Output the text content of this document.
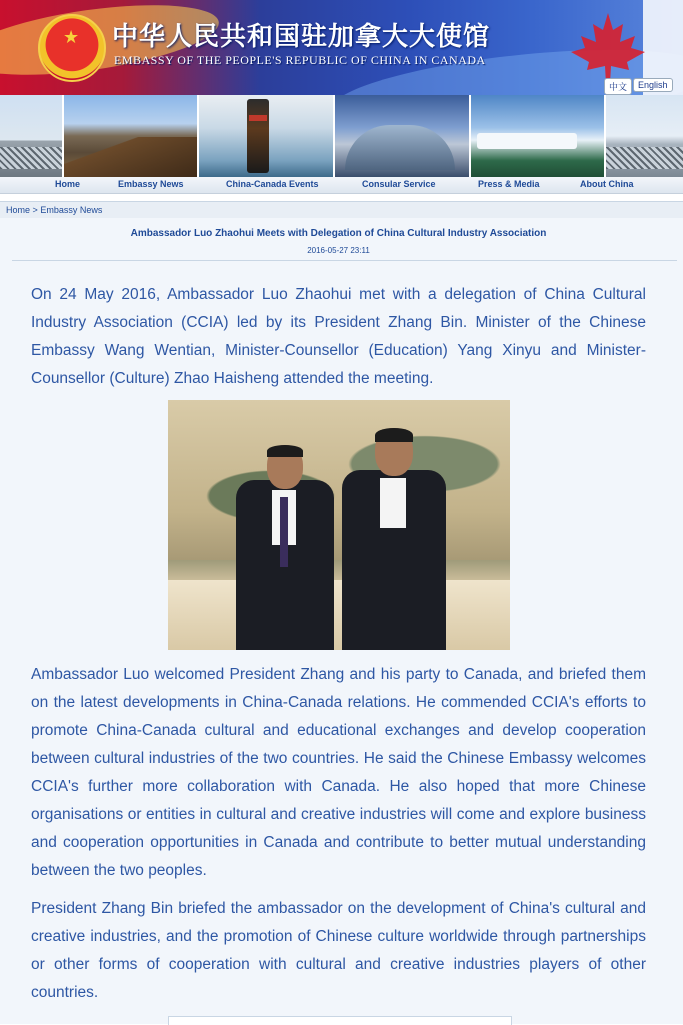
★ 中华人民共和国驻加拿大大使馆
EMBASSY OF THE PEOPLE'S REPUBLIC OF CHINA IN CANADA
中文	English
Home	Embassy News	China-Canada Events	Consular Service	Press & Media	About China
Home > Embassy News
Ambassador Luo Zhaohui Meets with Delegation of China Cultural Industry Association
2016-05-27 23:11
On 24 May 2016, Ambassador Luo Zhaohui met with a delegation of China Cultural Industry Association (CCIA) led by its President Zhang Bin. Minister of the Chinese Embassy Wang Wentian, Minister-Counsellor (Education) Yang Xinyu and Minister-Counsellor (Culture) Zhao Haisheng attended the meeting.
Ambassador Luo welcomed President Zhang and his party to Canada, and briefed them on the latest developments in China-Canada relations. He commended CCIA's efforts to promote China-Canada cultural and educational exchanges and develop cooperation between cultural industries of the two countries. He said the Chinese Embassy welcomes CCIA's further more collaboration with Canada. He also hoped that more Chinese organisations or entities in cultural and creative industries will come and explore business and cooperation opportunities in Canada and contribute to better mutual understanding between the two peoples.
President Zhang Bin briefed the ambassador on the development of China's cultural and creative industries, and the promotion of Chinese culture worldwide through partnerships or other forms of cooperation with cultural and creative industries players of other countries.
